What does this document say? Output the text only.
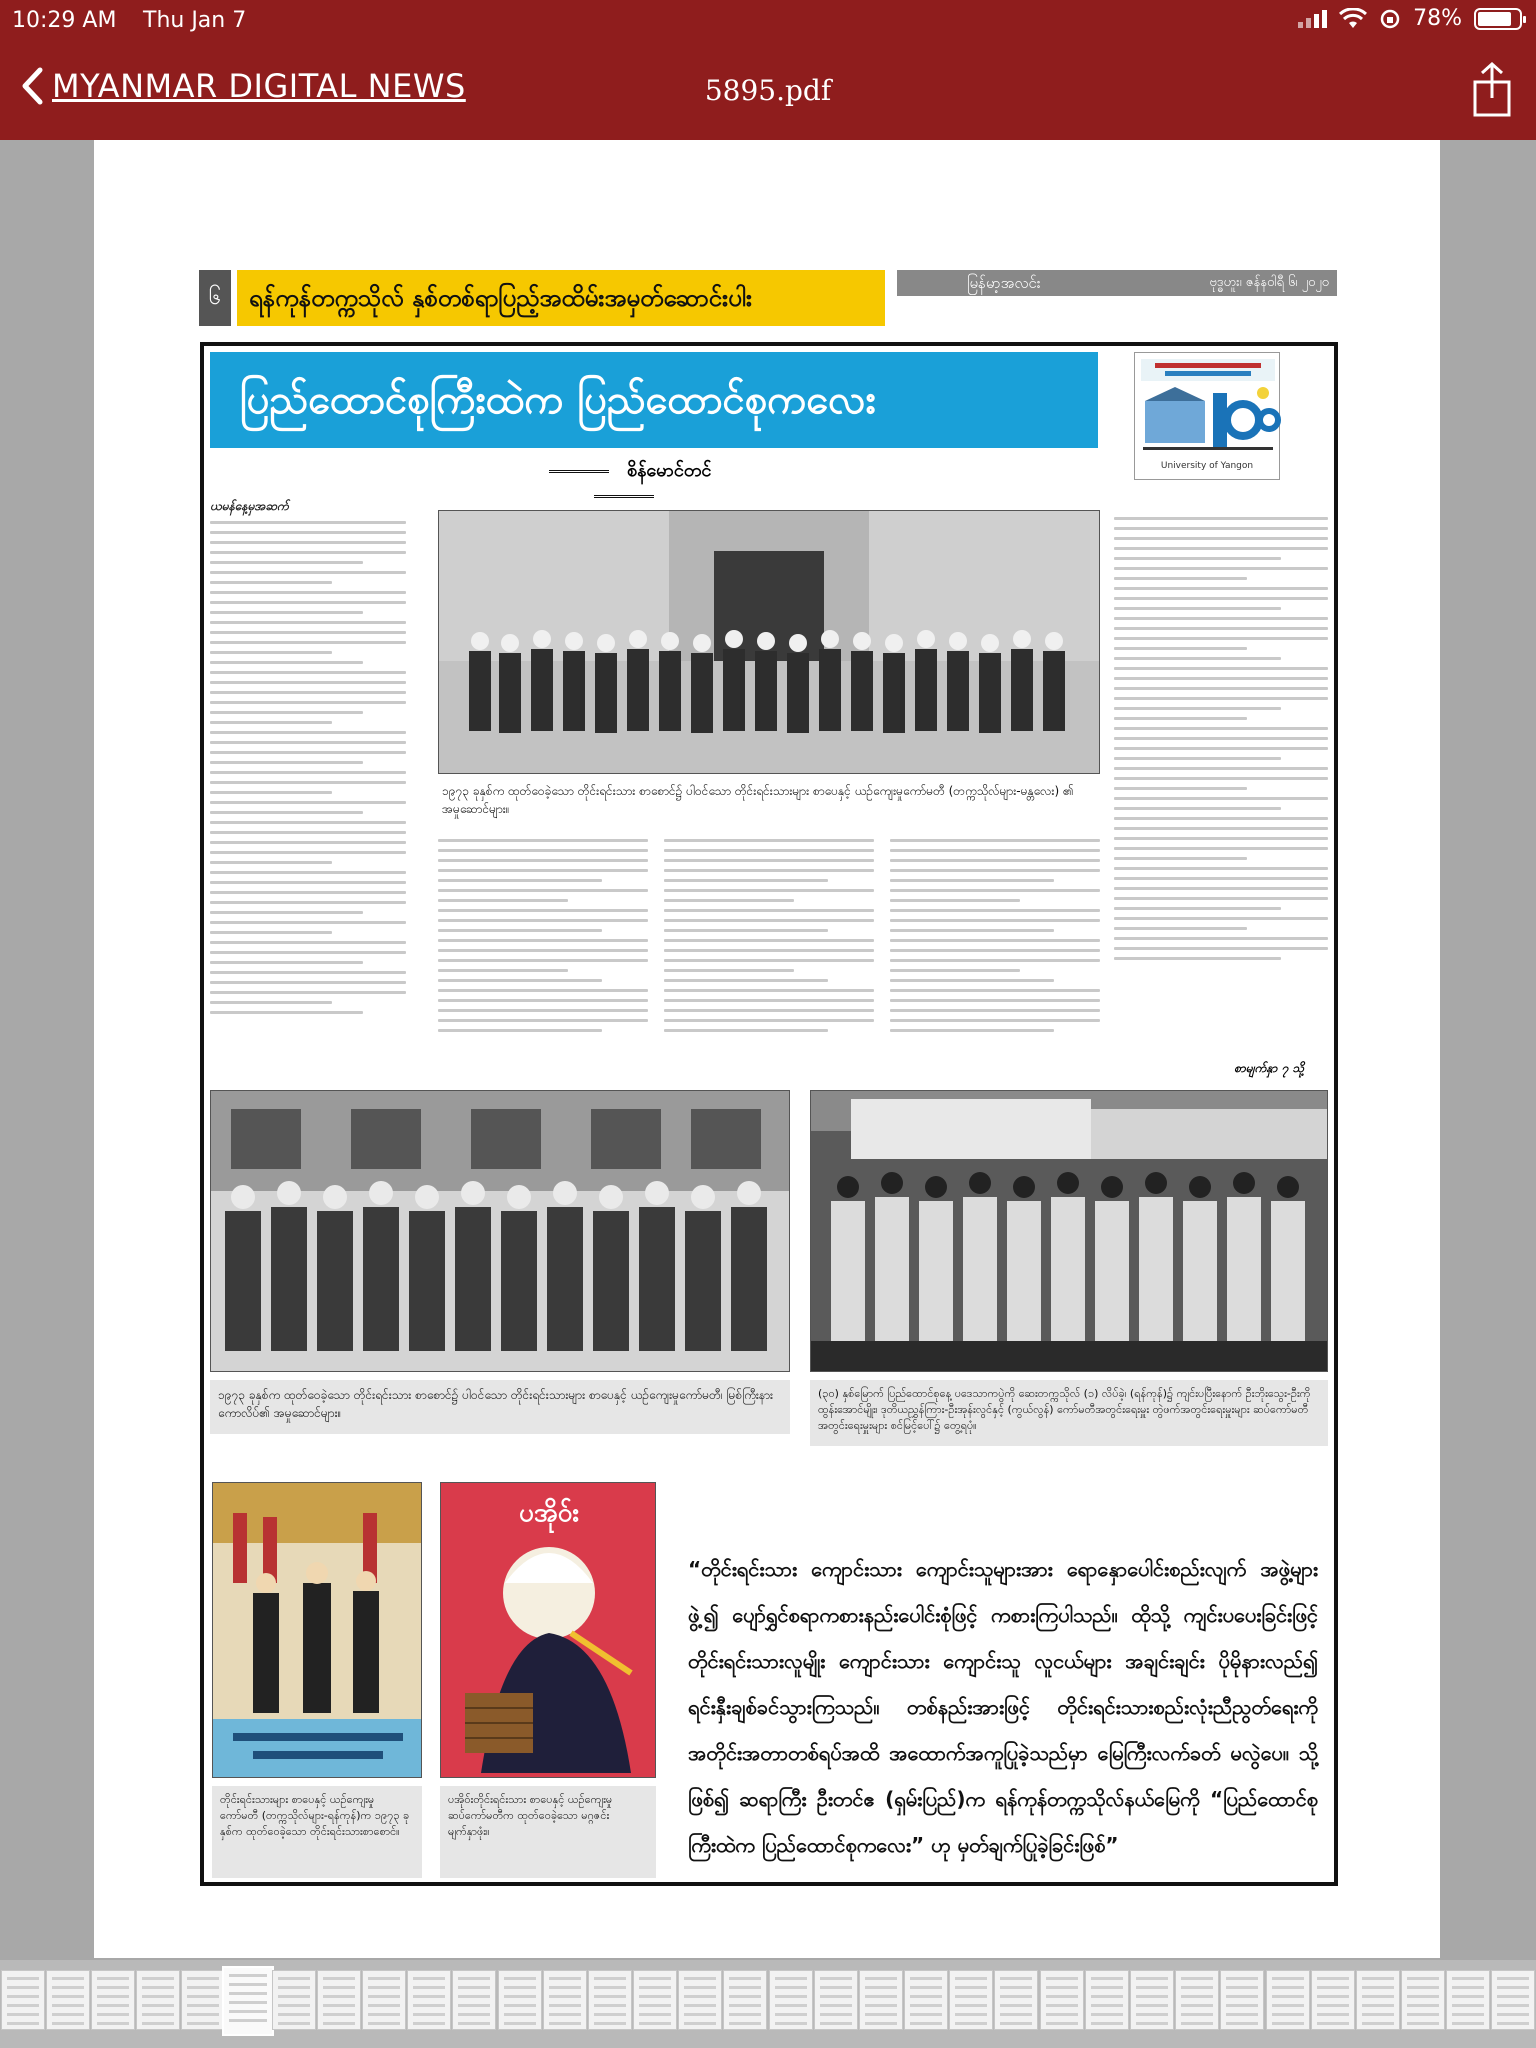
10:29 AM Thu Jan 7	78%
MYANMAR DIGITAL NEWS	5895.pdf
၆	ရန်ကုန်တက္ကသိုလ် နှစ်တစ်ရာပြည့်အထိမ်းအမှတ်ဆောင်းပါး
မြန်မာ့အလင်း	ဗုဒ္ဓဟူး၊ ဇန်နဝါရီ ၆၊ ၂၀၂၀
ပြည်ထောင်စုကြီးထဲက ပြည်ထောင်စုကလေး
University of Yangon
စိန်မောင်တင်
ယမန်နေ့မှအဆက်
၁၉၇၃ ခုနှစ်က ထုတ်ဝေခဲ့သော တိုင်းရင်းသား စာစောင်၌ ပါဝင်သော တိုင်းရင်းသားများ စာပေနှင့် ယဉ်ကျေးမှုကော်မတီ (တက္ကသိုလ်များ-မန္တလေး) ၏ အမှုဆောင်များ။
စာမျက်နှာ ၇ သို့
၁၉၇၃ ခုနှစ်က ထုတ်ဝေခဲ့သော တိုင်းရင်းသား စာစောင်၌ ပါဝင်သော တိုင်းရင်းသားများ စာပေနှင့် ယဉ်ကျေးမှုကော်မတီ၊ မြစ်ကြီးနားကောလိပ်၏ အမှုဆောင်များ။
(၃၀) နှစ်မြောက် ပြည်ထောင်စုနေ့ ပဒေသာကပွဲကို ဆေးတက္ကသိုလ် (၁) လိပ်ခဲ့၊ (ရန်ကုန်)၌ ကျင်းပပြီးနောက် ဦးဘိုးသွေး-ဦးကိုထွန်းအောင်မျိုး၊ ဒုတိယညွှန်ကြား-ဦးအုန်းလွင်နှင့် (ကွယ်လွန်) ကော်မတီအတွင်းရေးမှူး တွဲဖက်အတွင်းရေးမှူးများ ဆပ်ကော်မတီအတွင်းရေးမှူးများ စင်မြင့်ပေါ်၌ တွေ့ရပုံ။
တိုင်းရင်းသားများ စာပေနှင့် ယဉ်ကျေးမှု ကော်မတီ (တက္ကသိုလ်များ-ရန်ကုန်)က ၁၉၇၃ ခုနှစ်က ထုတ်ဝေခဲ့သော တိုင်းရင်းသားစာစောင်။
ပအိုဝ်း
ပအိုဝ်းတိုင်းရင်းသား စာပေနှင့် ယဉ်ကျေးမှု ဆပ်ကော်မတီက ထုတ်ဝေခဲ့သော မဂ္ဂဇင်း မျက်နှာဖုံး။
“တိုင်းရင်းသား ကျောင်းသား ကျောင်းသူများအား ရောနှောပေါင်းစည်းလျက် အဖွဲ့များဖွဲ့၍ ပျော်ရွှင်စရာကစားနည်းပေါင်းစုံဖြင့် ကစားကြပါသည်။ ထိုသို့ ကျင်းပပေးခြင်းဖြင့် တိုင်းရင်းသားလူမျိုး ကျောင်းသား ကျောင်းသူ လူငယ်များ အချင်းချင်း ပိုမိုနားလည်၍ ရင်းနှီးချစ်ခင်သွားကြသည်။ တစ်နည်းအားဖြင့် တိုင်းရင်းသားစည်းလုံးညီညွတ်ရေးကို အတိုင်းအတာတစ်ရပ်အထိ အထောက်အကူပြုခဲ့သည်မှာ မြေကြီးလက်ခတ် မလွဲပေ။ သို့ဖြစ်၍ ဆရာကြီး ဦးတင်ဧ (ရှမ်းပြည်)က ရန်ကုန်တက္ကသိုလ်နယ်မြေကို “ပြည်ထောင်စုကြီးထဲက ပြည်ထောင်စုကလေး” ဟု မှတ်ချက်ပြုခဲ့ခြင်းဖြစ်”
